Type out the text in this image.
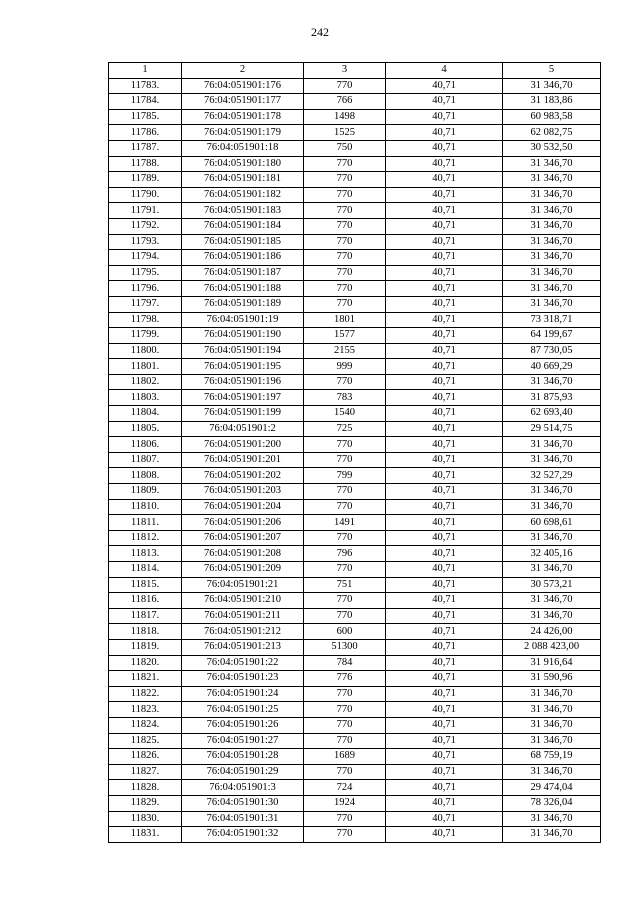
242
1	2	3	4	5
11783.	76:04:051901:176	770	40,71	31 346,70
11784.	76:04:051901:177	766	40,71	31 183,86
11785.	76:04:051901:178	1498	40,71	60 983,58
11786.	76:04:051901:179	1525	40,71	62 082,75
11787.	76:04:051901:18	750	40,71	30 532,50
11788.	76:04:051901:180	770	40,71	31 346,70
11789.	76:04:051901:181	770	40,71	31 346,70
11790.	76:04:051901:182	770	40,71	31 346,70
11791.	76:04:051901:183	770	40,71	31 346,70
11792.	76:04:051901:184	770	40,71	31 346,70
11793.	76:04:051901:185	770	40,71	31 346,70
11794.	76:04:051901:186	770	40,71	31 346,70
11795.	76:04:051901:187	770	40,71	31 346,70
11796.	76:04:051901:188	770	40,71	31 346,70
11797.	76:04:051901:189	770	40,71	31 346,70
11798.	76:04:051901:19	1801	40,71	73 318,71
11799.	76:04:051901:190	1577	40,71	64 199,67
11800.	76:04:051901:194	2155	40,71	87 730,05
11801.	76:04:051901:195	999	40,71	40 669,29
11802.	76:04:051901:196	770	40,71	31 346,70
11803.	76:04:051901:197	783	40,71	31 875,93
11804.	76:04:051901:199	1540	40,71	62 693,40
11805.	76:04:051901:2	725	40,71	29 514,75
11806.	76:04:051901:200	770	40,71	31 346,70
11807.	76:04:051901:201	770	40,71	31 346,70
11808.	76:04:051901:202	799	40,71	32 527,29
11809.	76:04:051901:203	770	40,71	31 346,70
11810.	76:04:051901:204	770	40,71	31 346,70
11811.	76:04:051901:206	1491	40,71	60 698,61
11812.	76:04:051901:207	770	40,71	31 346,70
11813.	76:04:051901:208	796	40,71	32 405,16
11814.	76:04:051901:209	770	40,71	31 346,70
11815.	76:04:051901:21	751	40,71	30 573,21
11816.	76:04:051901:210	770	40,71	31 346,70
11817.	76:04:051901:211	770	40,71	31 346,70
11818.	76:04:051901:212	600	40,71	24 426,00
11819.	76:04:051901:213	51300	40,71	2 088 423,00
11820.	76:04:051901:22	784	40,71	31 916,64
11821.	76:04:051901:23	776	40,71	31 590,96
11822.	76:04:051901:24	770	40,71	31 346,70
11823.	76:04:051901:25	770	40,71	31 346,70
11824.	76:04:051901:26	770	40,71	31 346,70
11825.	76:04:051901:27	770	40,71	31 346,70
11826.	76:04:051901:28	1689	40,71	68 759,19
11827.	76:04:051901:29	770	40,71	31 346,70
11828.	76:04:051901:3	724	40,71	29 474,04
11829.	76:04:051901:30	1924	40,71	78 326,04
11830.	76:04:051901:31	770	40,71	31 346,70
11831.	76:04:051901:32	770	40,71	31 346,70
